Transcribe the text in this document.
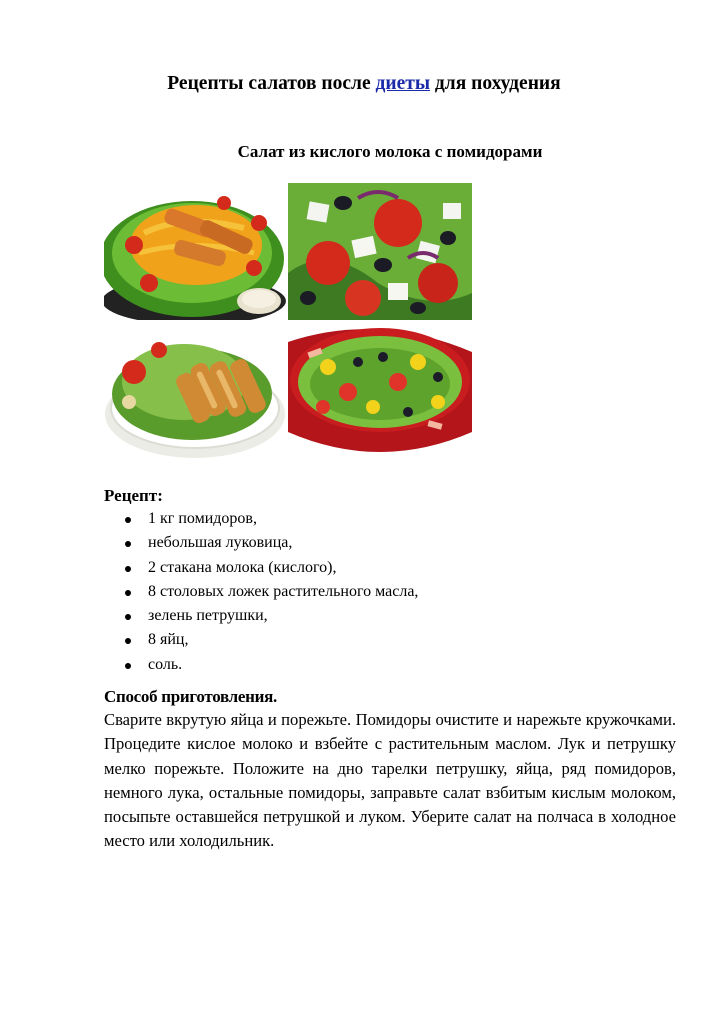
Рецепты салатов после диеты для похудения
Салат из кислого молока с помидорами

Рецепт:

1 кг помидоров,
небольшая луковица,
2 стакана молока (кислого),
8 столовых ложек растительного масла,
зелень петрушки,
8 яйц,
соль.

Способ приготовления.

Сварите вкрутую яйца и порежьте. Помидоры очистите и нарежьте кружочками. Процедите кислое молоко и взбейте с растительным маслом. Лук и петрушку мелко порежьте. Положите на дно тарелки петрушку, яйца, ряд помидоров, немного лука, остальные помидоры, заправьте салат взбитым кислым молоком, посыпьте оставшейся петрушкой и луком. Уберите салат на полчаса в холодное место или холодильник.
